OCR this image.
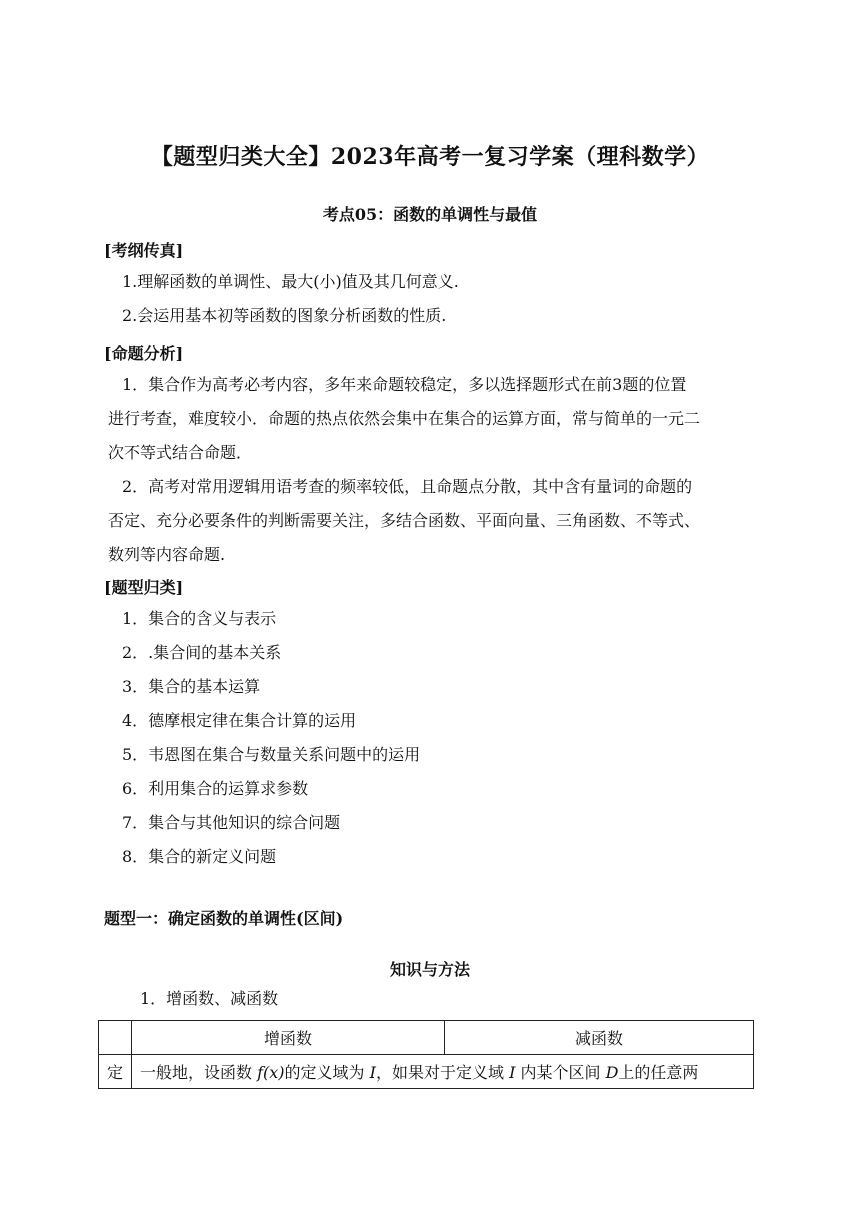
【题型归类大全】2023年高考一复习学案（理科数学）
考点05：函数的单调性与最值
[考纲传真]
1.理解函数的单调性、最大(小)值及其几何意义.
2.会运用基本初等函数的图象分析函数的性质.
[命题分析]
1．集合作为高考必考内容，多年来命题较稳定，多以选择题形式在前3题的位置
进行考查，难度较小．命题的热点依然会集中在集合的运算方面，常与简单的一元二
次不等式结合命题．
2．高考对常用逻辑用语考查的频率较低，且命题点分散，其中含有量词的命题的
否定、充分必要条件的判断需要关注，多结合函数、平面向量、三角函数、不等式、
数列等内容命题.
[题型归类]
1．集合的含义与表示
2．.集合间的基本关系
3．集合的基本运算
4．德摩根定律在集合计算的运用
5．韦恩图在集合与数量关系问题中的运用
6．利用集合的运算求参数
7．集合与其他知识的综合问题
8．集合的新定义问题
题型一：确定函数的单调性(区间)
知识与方法
1．增函数、减函数
	增函数	减函数
定	一般地，设函数 f(x)的定义域为 I，如果对于定义域 I 内某个区间 D上的任意两	
